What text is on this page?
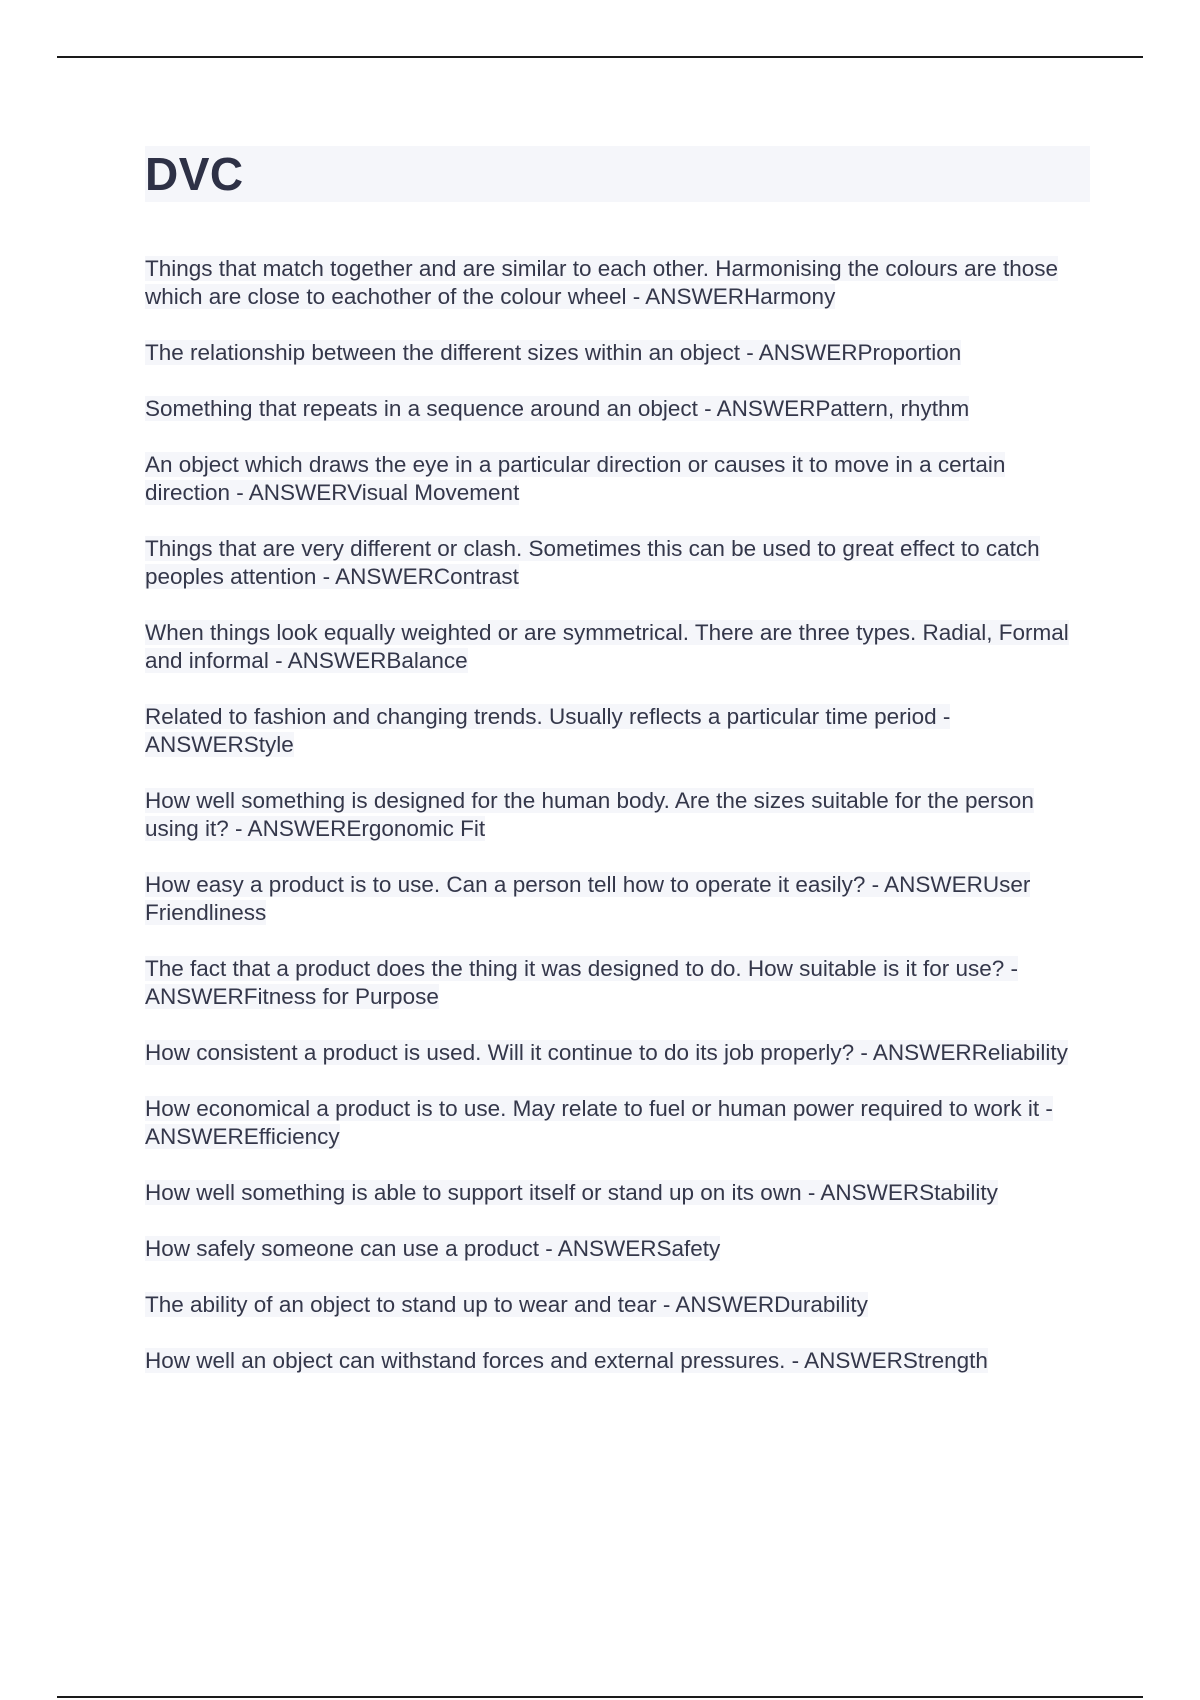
DVC
Things that match together and are similar to each other. Harmonising the colours are those which are close to eachother of the colour wheel - ANSWERHarmony
The relationship between the different sizes within an object - ANSWERProportion
Something that repeats in a sequence around an object - ANSWERPattern, rhythm
An object which draws the eye in a particular direction or causes it to move in a certain direction - ANSWERVisual Movement
Things that are very different or clash. Sometimes this can be used to great effect to catch peoples attention - ANSWERContrast
When things look equally weighted or are symmetrical. There are three types. Radial, Formal and informal - ANSWERBalance
Related to fashion and changing trends. Usually reflects a particular time period - ANSWERStyle
How well something is designed for the human body. Are the sizes suitable for the person using it? - ANSWERErgonomic Fit
How easy a product is to use. Can a person tell how to operate it easily? - ANSWERUser Friendliness
The fact that a product does the thing it was designed to do. How suitable is it for use? - ANSWERFitness for Purpose
How consistent a product is used. Will it continue to do its job properly? - ANSWERReliability
How economical a product is to use. May relate to fuel or human power required to work it - ANSWEREfficiency
How well something is able to support itself or stand up on its own - ANSWERStability
How safely someone can use a product - ANSWERSafety
The ability of an object to stand up to wear and tear - ANSWERDurability
How well an object can withstand forces and external pressures. - ANSWERStrength
